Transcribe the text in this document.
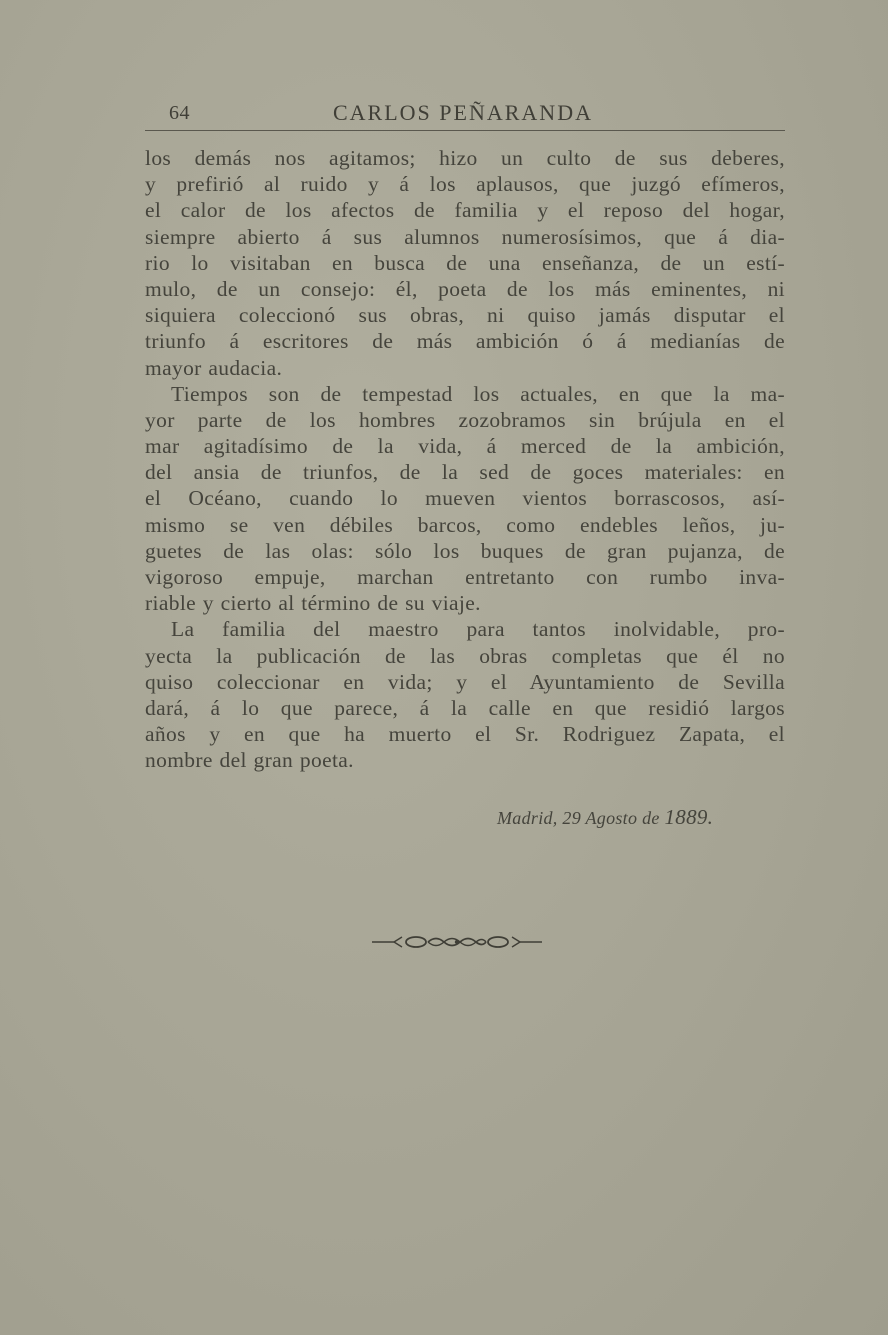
64	CARLOS PEÑARANDA
los demás nos agitamos; hizo un culto de sus deberes,
y prefirió al ruido y á los aplausos, que juzgó efímeros,
el calor de los afectos de familia y el reposo del hogar,
siempre abierto á sus alumnos numerosísimos, que á dia-
rio lo visitaban en busca de una enseñanza, de un estí-
mulo, de un consejo: él, poeta de los más eminentes, ni
siquiera coleccionó sus obras, ni quiso jamás disputar el
triunfo á escritores de más ambición ó á medianías de
mayor audacia.
Tiempos son de tempestad los actuales, en que la ma-
yor parte de los hombres zozobramos sin brújula en el
mar agitadísimo de la vida, á merced de la ambición,
del ansia de triunfos, de la sed de goces materiales: en
el Océano, cuando lo mueven vientos borrascosos, así-
mismo se ven débiles barcos, como endebles leños, ju-
guetes de las olas: sólo los buques de gran pujanza, de
vigoroso empuje, marchan entretanto con rumbo inva-
riable y cierto al término de su viaje.
La familia del maestro para tantos inolvidable, pro-
yecta la publicación de las obras completas que él no
quiso coleccionar en vida; y el Ayuntamiento de Sevilla
dará, á lo que parece, á la calle en que residió largos
años y en que ha muerto el Sr. Rodriguez Zapata, el
nombre del gran poeta.
Madrid, 29 Agosto de 1889.
